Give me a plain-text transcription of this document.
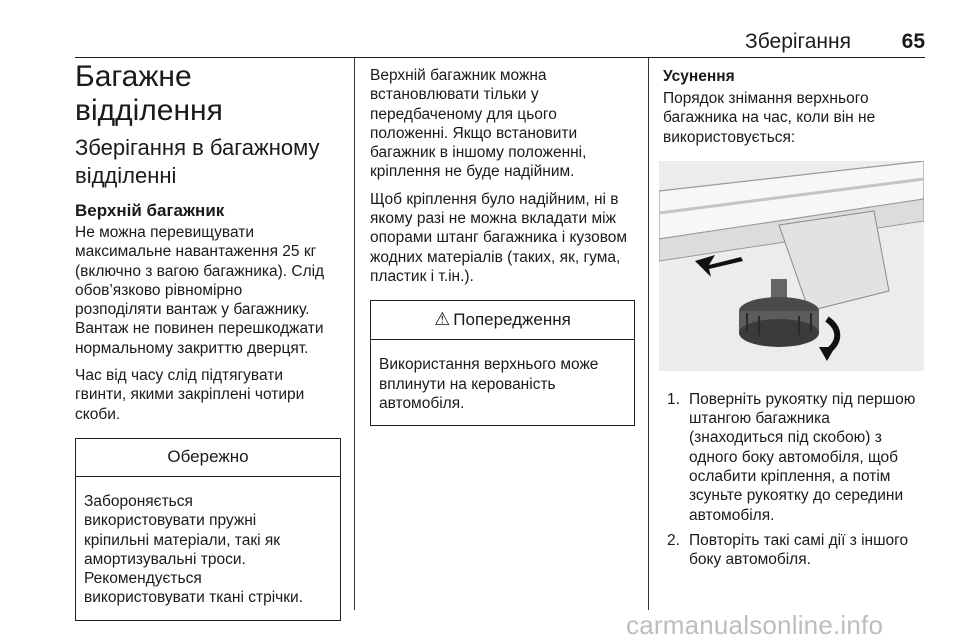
Зберігання 65
Багажне відділення
Зберігання в багажному
відділенні
Верхній багажник
Не можна перевищувати
максимальне навантаження 25 кг
(включно з вагою багажника). Слід
обов’язково рівномірно
розподіляти вантаж у багажнику.
Вантаж не повинен перешкоджати
нормальному закриттю дверцят.
Час від часу слід підтягувати
гвинти, якими закріплені чотири
скоби.
Обережно
Забороняється
використовувати пружні
кріпильні матеріали, такі як
амортизувальні троси.
Рекомендується
використовувати ткані стрічки.
Верхній багажник можна
встановлювати тільки у
передбаченому для цього
положенні. Якщо встановити
багажник в іншому положенні,
кріплення не буде надійним.
Щоб кріплення було надійним, ні в
якому разі не можна вкладати між
опорами штанг багажника і кузовом
жодних матеріалів (таких, як, гума,
пластик і т.ін.).
⚠ Попередження
Використання верхнього може
вплинути на керованість
автомобіля.
Усунення
Порядок знімання верхнього
багажника на час, коли він не
використовується:
1. Поверніть рукоятку під першою
штангою багажника
(знаходиться під скобою) з
одного боку автомобіля, щоб
ослабити кріплення, а потім
зсуньте рукоятку до середини
автомобіля.
2. Повторіть такі самі дії з іншого
боку автомобіля.
carmanualsonline.info
